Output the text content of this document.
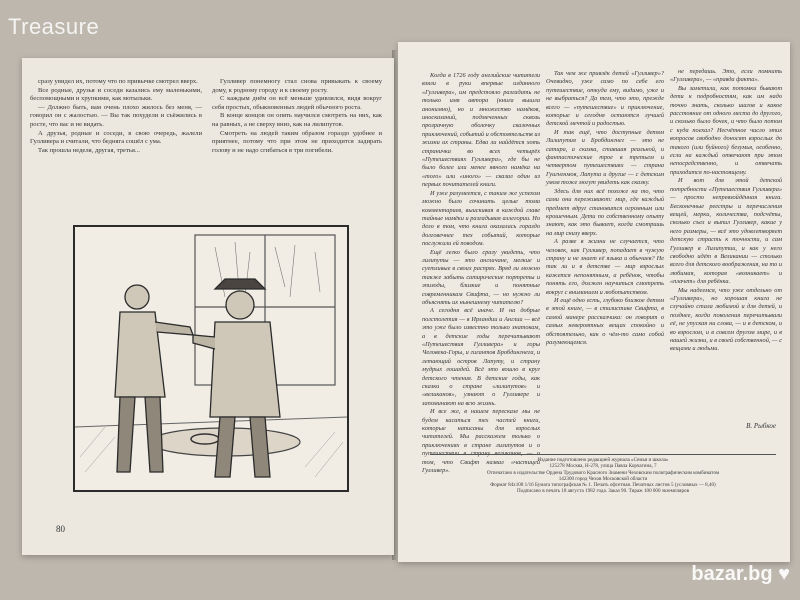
Treasure

сразу увидел их, потому что по привычке смотрел вверх.

Все родные, друзья и соседи казались ему маленькими, беспомощными и хрупкими, как мотыльки.

— Должно быть, вам очень плохо жилось без меня, — говорил он с жалостью. — Вы так похудели и съёжились в росте, что вас и не видать.

А друзья, родные и соседи, в свою очередь, жалели Гулливера и считали, что бедняга сошёл с ума.

Так прошла неделя, другая, третья...

Гулливер понемногу стал снова привыкать к своему дому, к родному городу и к своему росту.

С каждым днём он всё меньше удивлялся, видя вокруг себя простых, обыкновенных людей обычного роста.

В конце концов он опять научился смотреть на них, как на равных, а не сверху вниз, как на лилипутов.

Смотреть на людей таким образом гораздо удобнее и приятнее, потому что при этом не приходится задирать голову и не надо сгибаться в три погибели.

80

Когда в 1726 году английские читатели взяли в руки впервые изданного «Гулливера», им предстояло разгадать не только имя автора (книга вышла анонимно), но и множество намёков, иносказаний, подмеченных сквозь прозрачную оболочку сказочных приключений, событий и обстоятельств из жизни их страны. Едва ли найдётся хоть страничка во всех четырёх «Путешествиях Гулливера», где бы не было более или менее явного намёка на «того» или «иного» — сказал один из первых почитателей книги.

И уже разумеется, с таким же успехом можно было сочинить целые тома комментариев, выискивая в каждой главе тайные намёки и разгадывая аллегории. Но дело в том, что книга оказалась гораздо долговечнее тех событий, которые послужили ей поводом.

Ещё легко было сразу увидеть, что лилипуты — это англичане, мелкие и суетливые в своих распрях. Вряд ли можно также забыть сатирические портреты и эпизоды, близкие и понятные современникам Свифта, — но нужно ли объяснять их нынешнему читателю?

А сегодня всё иначе. И на добрые полстолетия — в Ирландии и Англии — всё это уже было известно только знатокам, а в детские годы перечитывают «Путешествия Гулливера» и горы Человека-Горы, и гигантов Бробдингнега, и летающий остров Лапуту, и страну мудрых лошадей. Всё это вошло в круг детского чтения. В детские годы, как сказки о стране «лилипутов» и «великанов», узнают о Гулливере и запоминают на всю жизнь.

И все же, в нашем пересказе мы не будем касаться тех частей книги, которые написаны для взрослых читателей. Мы расскажем только о приключениях в стране лилипутов и о путешествии в страну великанов, — о том, что Свифт назвал «частицей Гулливер».

Так чем же привлёк детей «Гулливер»? Очевидно, уже само по себе его путешествие, откуда ему, видимо, уже и не выбраться? Да тем, что это, прежде всего — «путешествие» и приключение, которые и сегодня остаются лучшей детской мечтой и радостью.

И так ещё, что доступные детям Лилипутия и Бробдингнег — это не сатира, а сказка, ставшая реальной, и фантастические трое в третьем и четвертом путешествиях — страна Гуигнгнмов, Лапута и другие — с детским умом тоже могут увидеть как сказку.

Здесь для них всё похоже на то, что сами они переживают: мир, где каждый предмет вдруг становится огромным или крошечным. Дети по собственному опыту знают, как это бывает, когда смотришь на мир снизу вверх.

А разве в жизни не случается, что человек, как Гулливер, попадает в чужую страну и не знает её языка и обычаев? Не так ли и в детстве — мир взрослых кажется непонятным, а ребёнок, чтобы понять его, должен научиться смотреть вокруг с вниманием и любопытством.

И ещё одно есть, глубоко близкое детям в этой книге, — в стилистике Свифта, в самой манере рассказчика: он говорит о самых невероятных вещах спокойно и обстоятельно, как о чём-то само собой разумеющемся.

не передашь. Это, если помнить «Гулливера», — «правда факта».

Вы заметили, как потомки бывают дети к подробностям, как им надо точно знать, сколько шагов и какое расстояние от одного места до другого, и сколько было бочек, и что было потом с куда поехал? Несчётное число этих вопросов свободно доносят взрослых до такого (или буйного) безумья, особенно, если на каждый отвечают при этом непосредственно, и отвечать приходится по-настоящему.

И вот для этой детской потребности «Путешествия Гулливера» — просто непревзойдённая книга. Бесконечные реестры и перечисления вещей, мерки, количества, подсчёты, сколько съел и выпил Гулливер, какие у него размеры, — всё это удовлетворяет детскую страсть к точности, и сам Гулливер в Лилипутии, и как у него свободно идёт в Великании — столько всего для детского воображения, на то и любимая, которая «возникает» и «плачет» для ребёнка.

Мы надеемся, что уже отдельно от «Гулливера», но хорошая книга не случайно стала любимой и для детей, и позднее, когда поколения перечитывали её, не упуская ни слова, — и в детском, и во взрослом, и в совсем другом мире, и в нашей жизни, и в своей собственной, — с вещами и людьми.

В. Рыбкое
Издание подготовлено редакцией журнала «Семья и школа»
125278 Москва, Н-278, улица Павла Корчагина, 7
Отпечатано в издательстве Ордена Трудового Красного Знамени Чеховским полиграфическим комбинатом
142300 город Чехов Московской области
Формат 84х108 1/16 Бумага типографская № 1. Печать офсетная. Печатных листов 5 (условных — 8,40)
Подписано в печать 18 августа 1982 года. Заказ 90. Тираж 100 000 экземпляров
bazar.bg ♥
